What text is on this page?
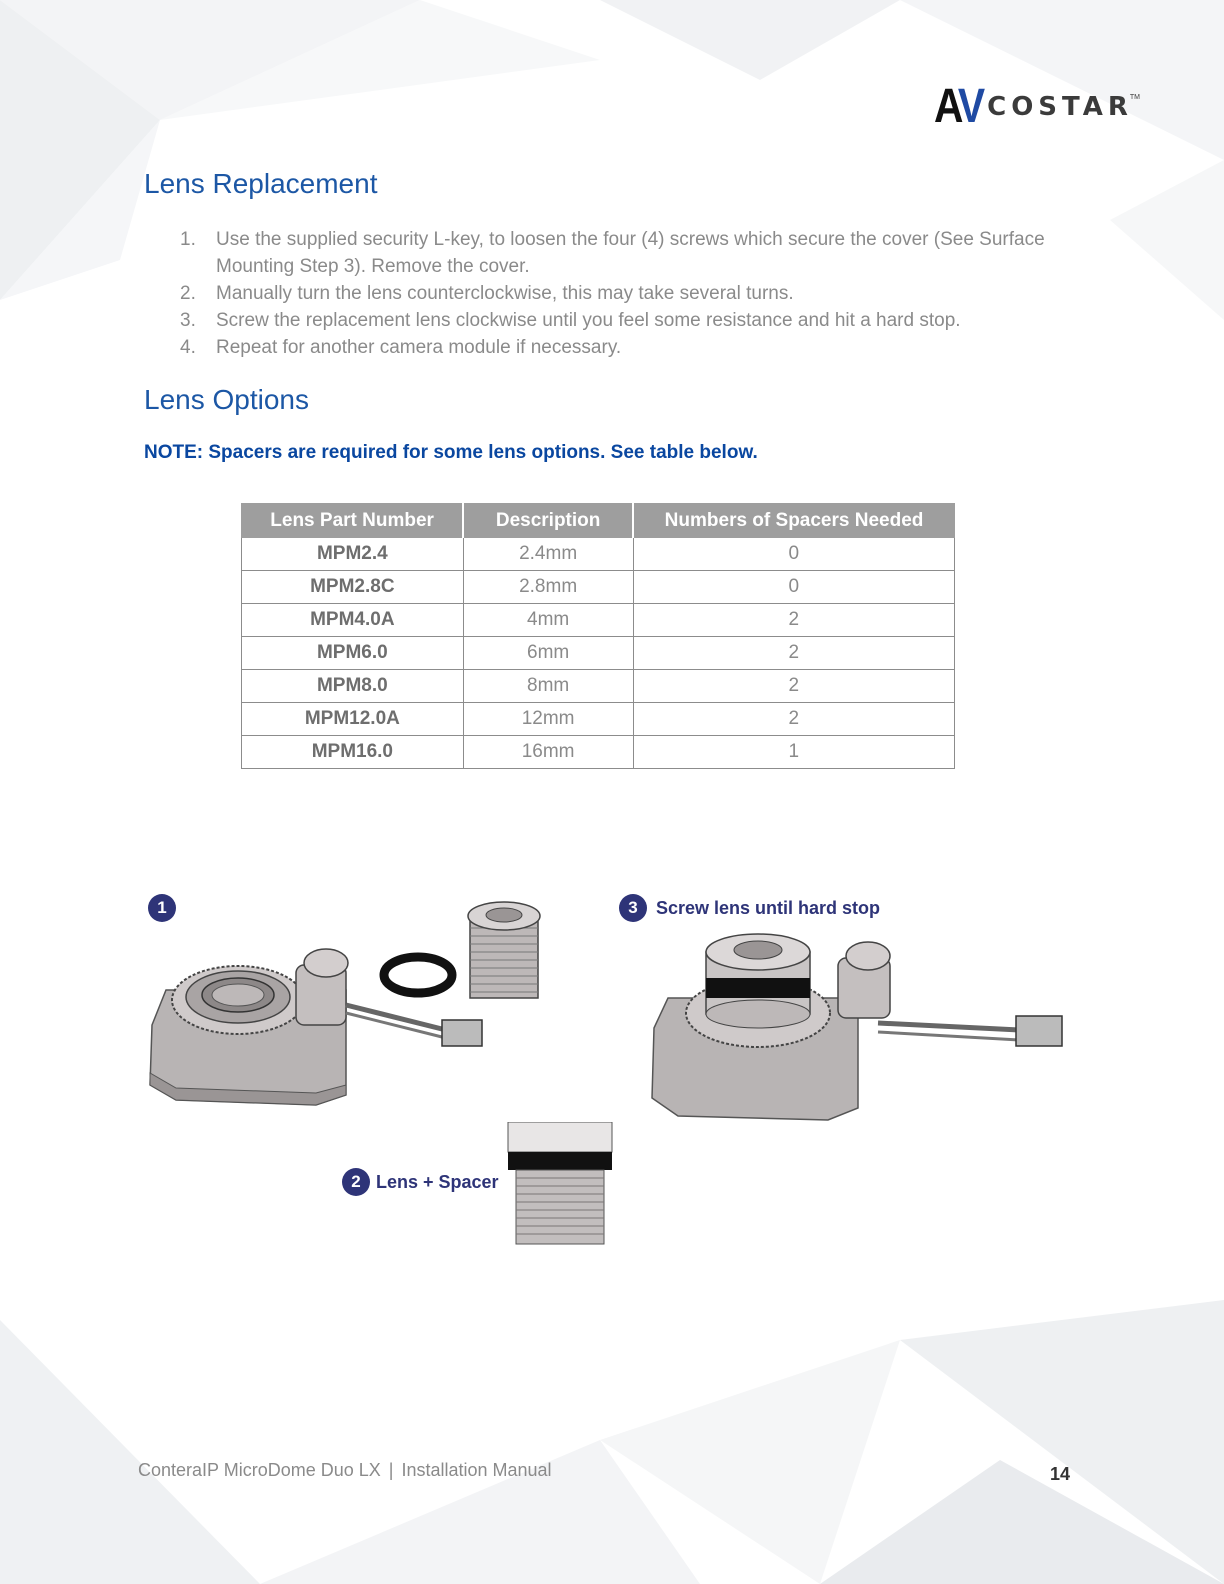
AV COSTAR
TM
Lens Replacement
1.	Use the supplied security L-key, to loosen the four (4) screws which secure the cover (See Surface Mounting Step 3). Remove the cover.
2.	Manually turn the lens counterclockwise, this may take several turns.
3.	Screw the replacement lens clockwise until you feel some resistance and hit a hard stop.
4.	Repeat for another camera module if necessary.
Lens Options
NOTE: Spacers are required for some lens options. See table below.
Lens Part Number	Description	Numbers of Spacers Needed
MPM2.4	2.4mm	0
MPM2.8C	2.8mm	0
MPM4.0A	4mm	2
MPM6.0	6mm	2
MPM8.0	8mm	2
MPM12.0A	12mm	2
MPM16.0	16mm	1
1
2 Lens + Spacer
3	Screw lens until hard stop
ConteraIP MicroDome Duo LX | Installation Manual	14
